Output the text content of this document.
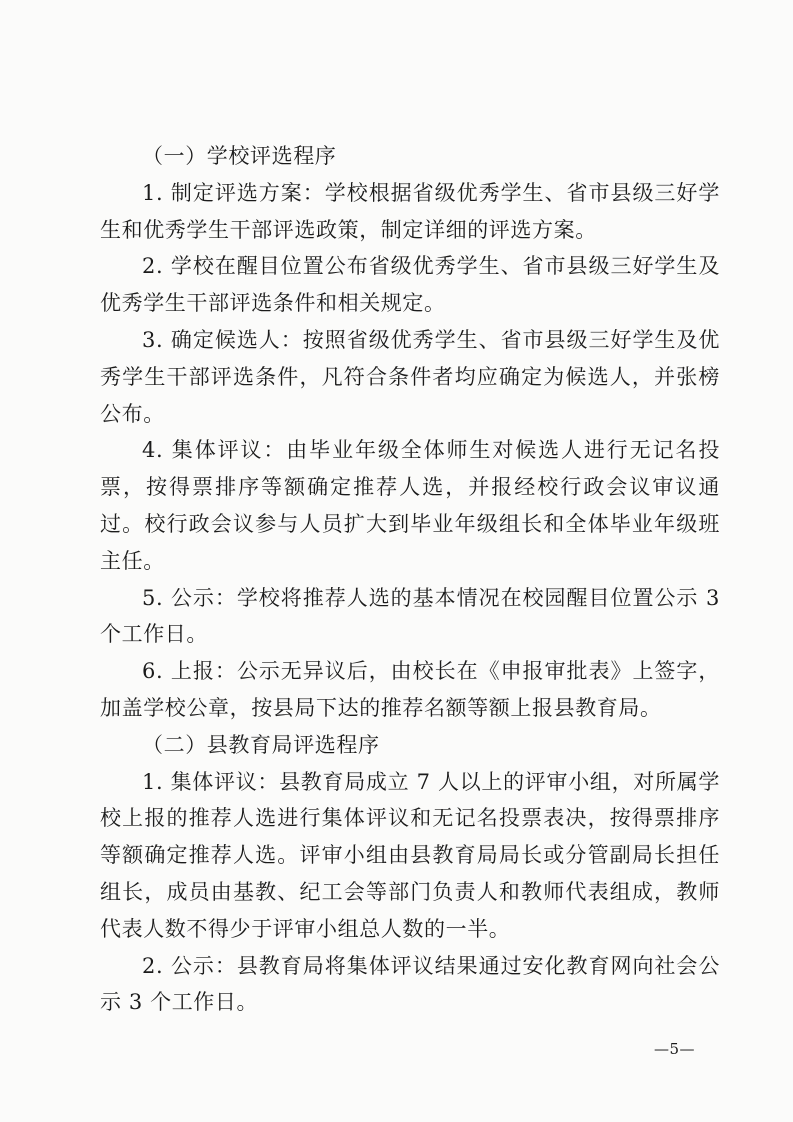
（一）学校评选程序

1. 制定评选方案：学校根据省级优秀学生、省市县级三好学生和优秀学生干部评选政策，制定详细的评选方案。

2. 学校在醒目位置公布省级优秀学生、省市县级三好学生及优秀学生干部评选条件和相关规定。

3. 确定候选人：按照省级优秀学生、省市县级三好学生及优秀学生干部评选条件，凡符合条件者均应确定为候选人，并张榜公布。

4. 集体评议：由毕业年级全体师生对候选人进行无记名投票，按得票排序等额确定推荐人选，并报经校行政会议审议通过。校行政会议参与人员扩大到毕业年级组长和全体毕业年级班主任。

5. 公示：学校将推荐人选的基本情况在校园醒目位置公示 3 个工作日。

6. 上报：公示无异议后，由校长在《申报审批表》上签字，加盖学校公章，按县局下达的推荐名额等额上报县教育局。

（二）县教育局评选程序

1. 集体评议：县教育局成立 7 人以上的评审小组，对所属学校上报的推荐人选进行集体评议和无记名投票表决，按得票排序等额确定推荐人选。评审小组由县教育局局长或分管副局长担任组长，成员由基教、纪工会等部门负责人和教师代表组成，教师代表人数不得少于评审小组总人数的一半。

2. 公示：县教育局将集体评议结果通过安化教育网向社会公示 3 个工作日。

—5—
